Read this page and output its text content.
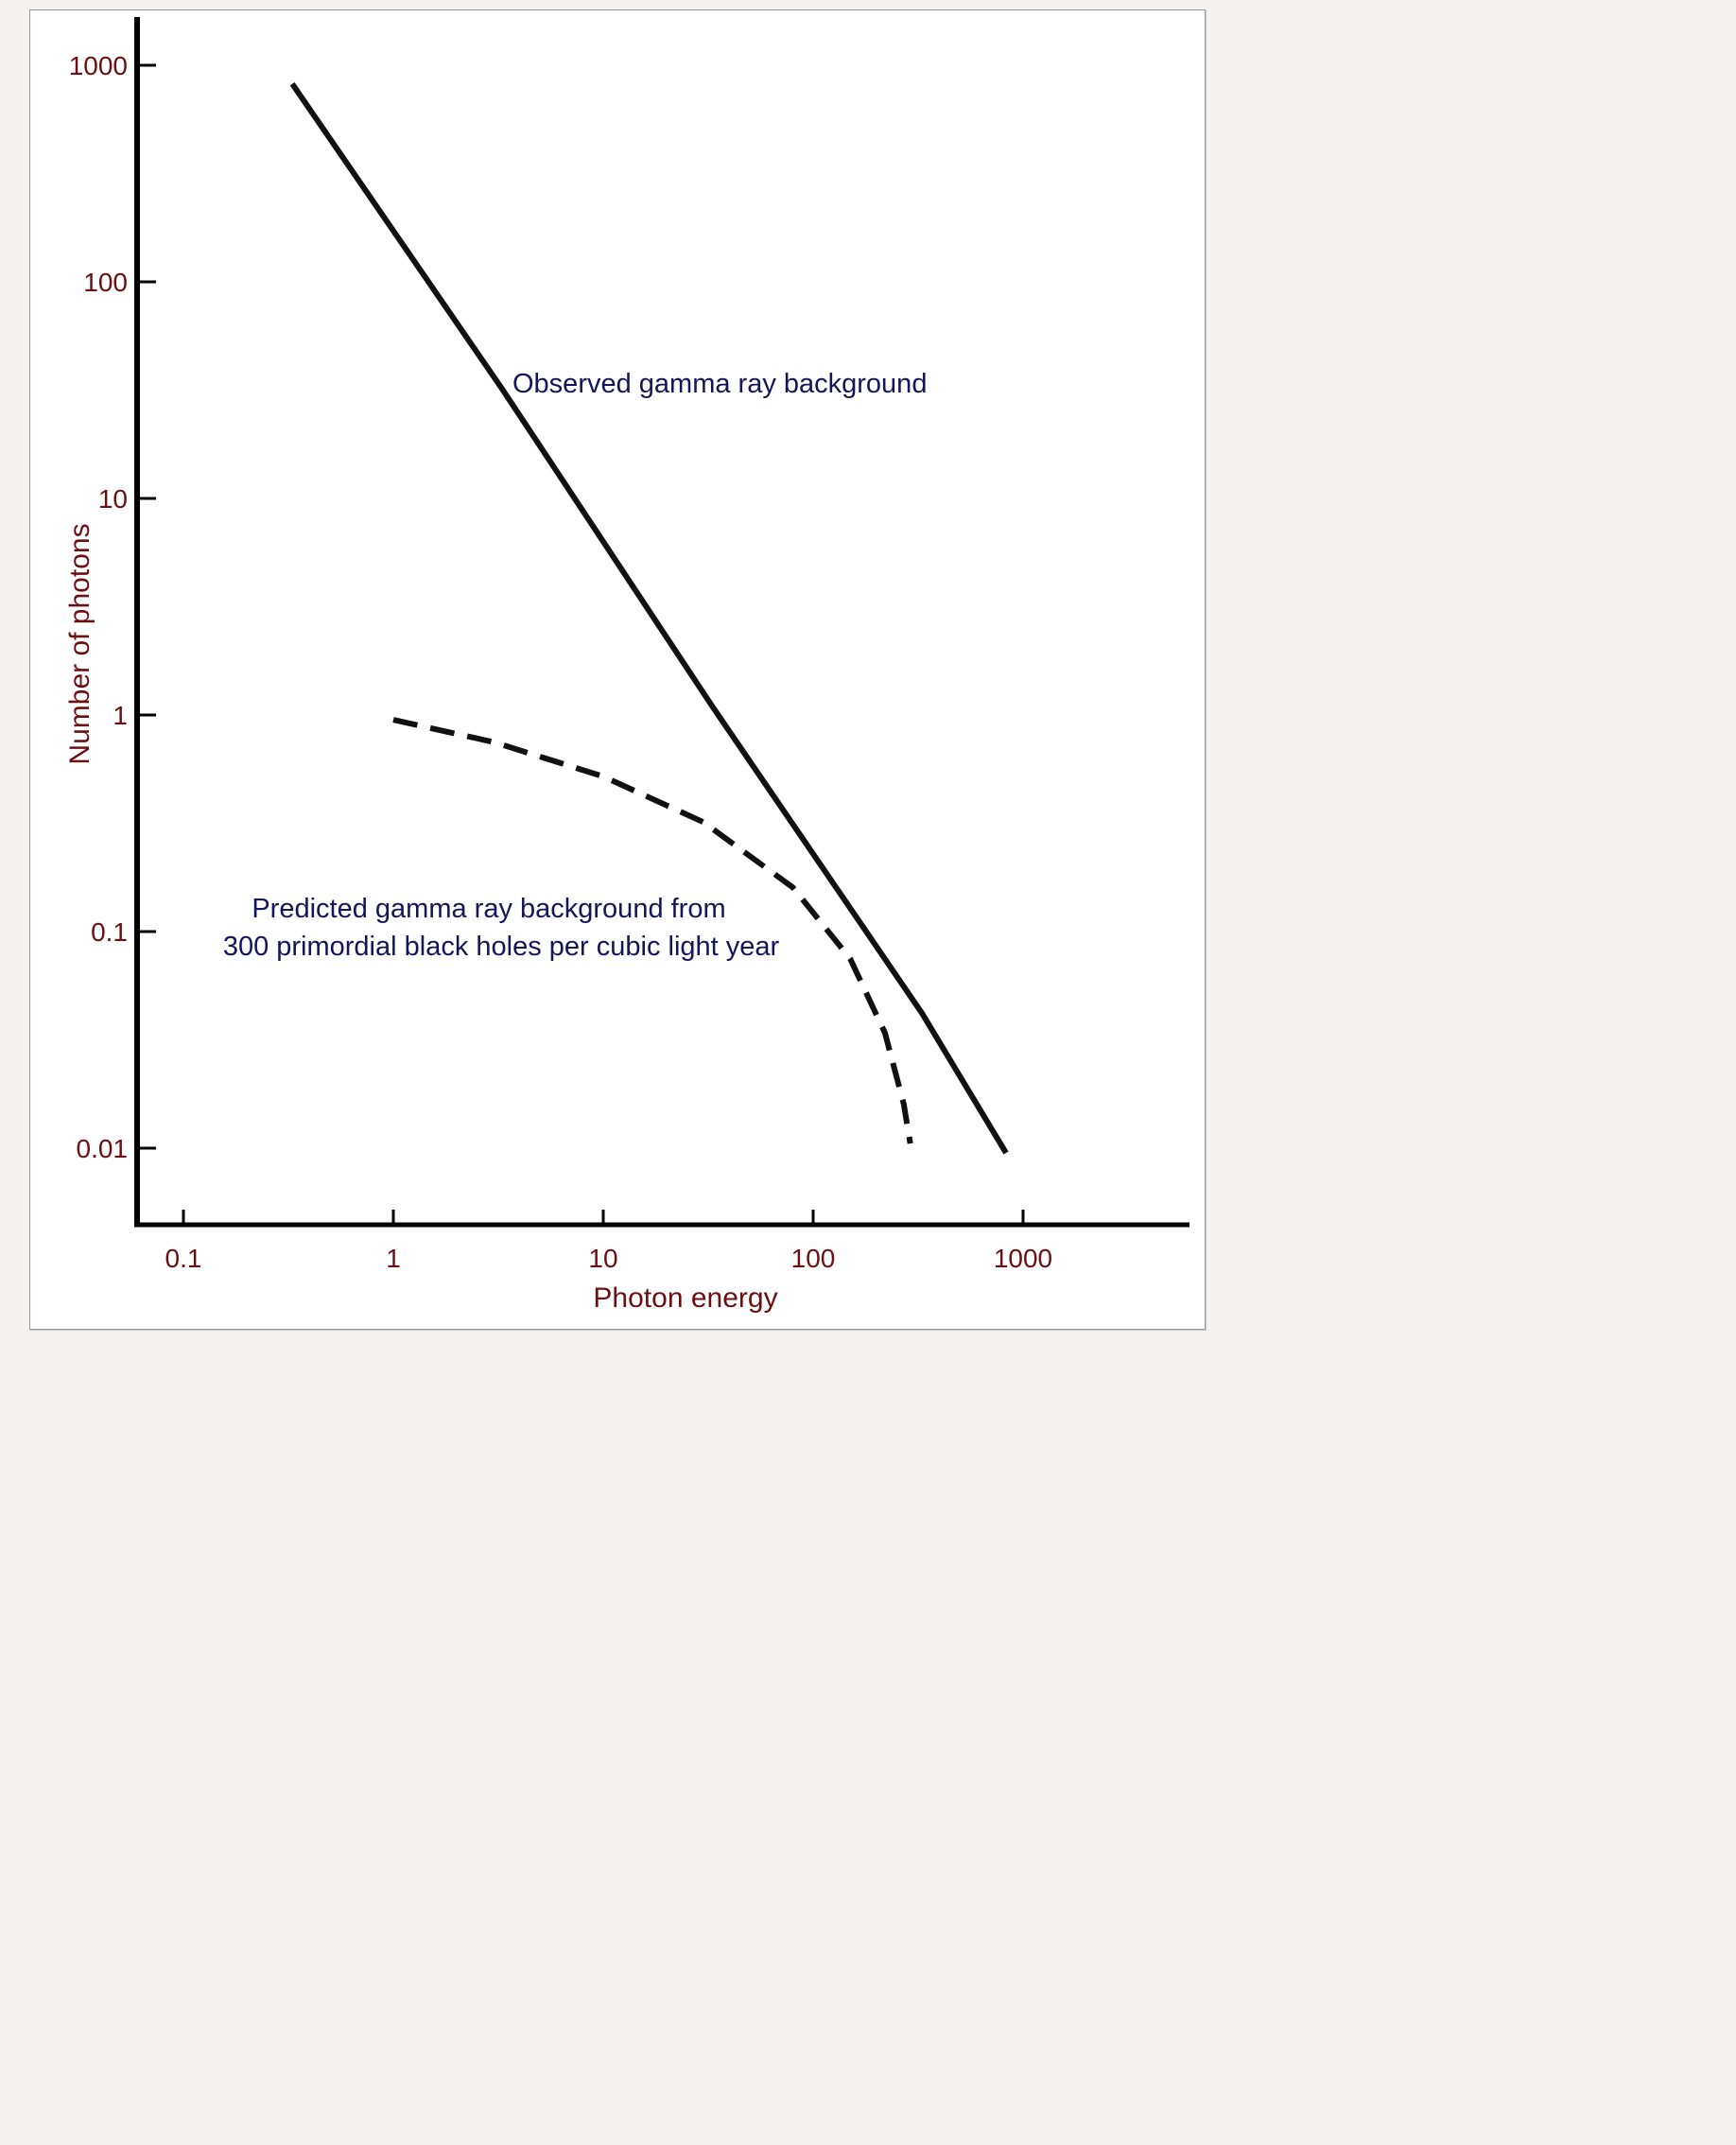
0.1	1	10	100	1000
1000
100
10
1
0.1
0.01
Photon energy
Number of photons
Observed gamma ray background
Predicted gamma ray background from
300 primordial black holes per cubic light year
